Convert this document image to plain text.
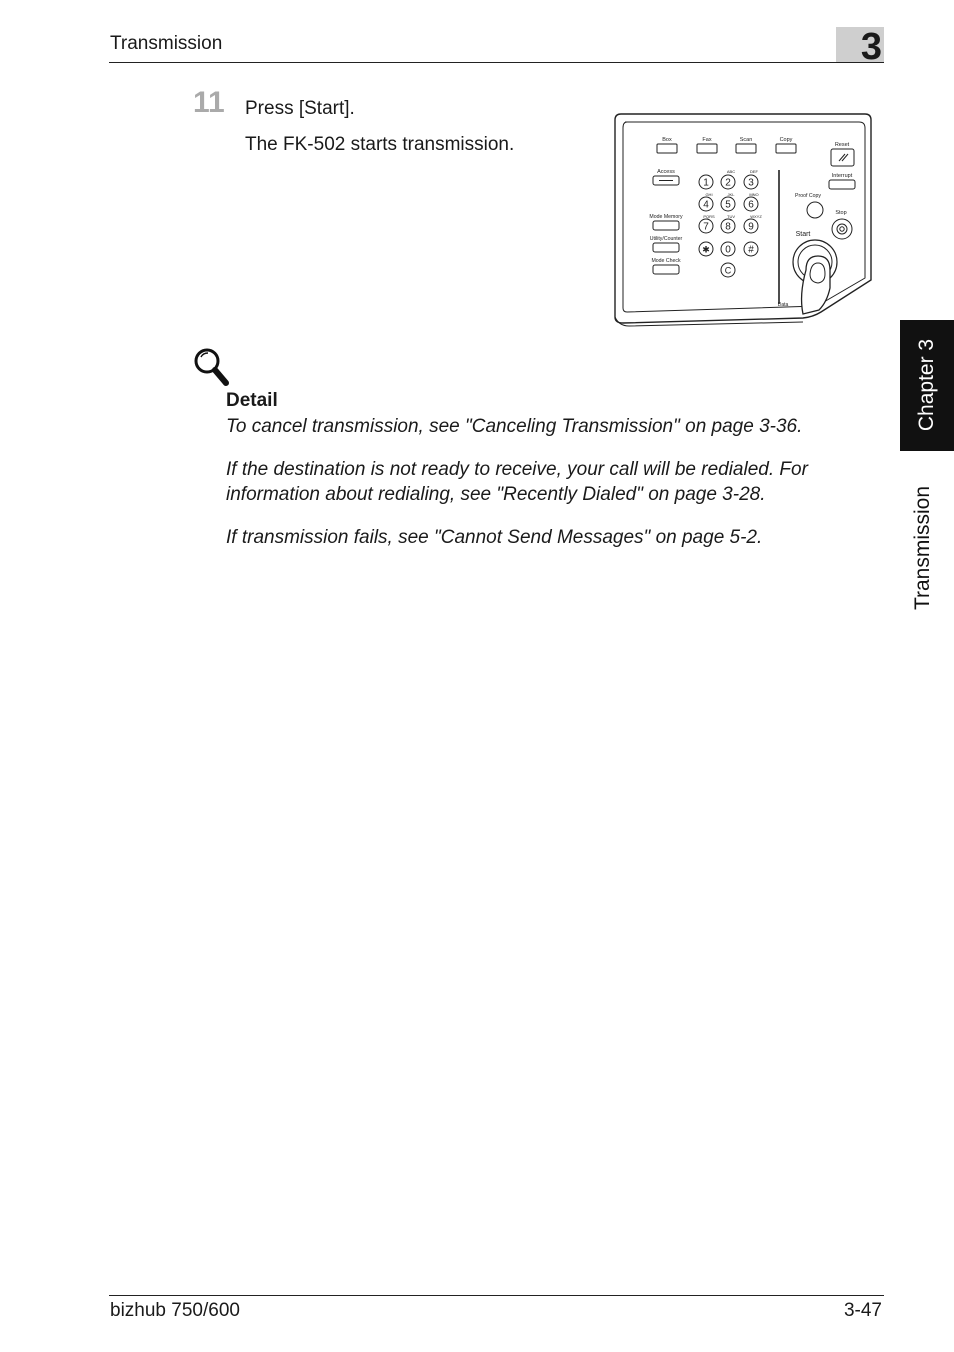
Transmission	3
Chapter 3
Transmission
11 Press [Start].
The FK-502 starts transmission.	Box	Fax	Scan	Copy
Reset
Interrupt
Access
Mode Memory
Utility/Counter
Mode Check
ABC	DEF
GHI	JKL	MNO
PQRS	TUV	WXYZ
1 2 3
4 5 6
7 8 9
✱ 0 #
C
Proof Copy
Stop
Start
Data
Detail
To cancel transmission, see "Canceling Transmission" on page 3-36.
If the destination is not ready to receive, your call will be redialed. For information about redialing, see "Recently Dialed" on page 3-28.
If transmission fails, see "Cannot Send Messages" on page 5-2.
bizhub 750/600	3-47
